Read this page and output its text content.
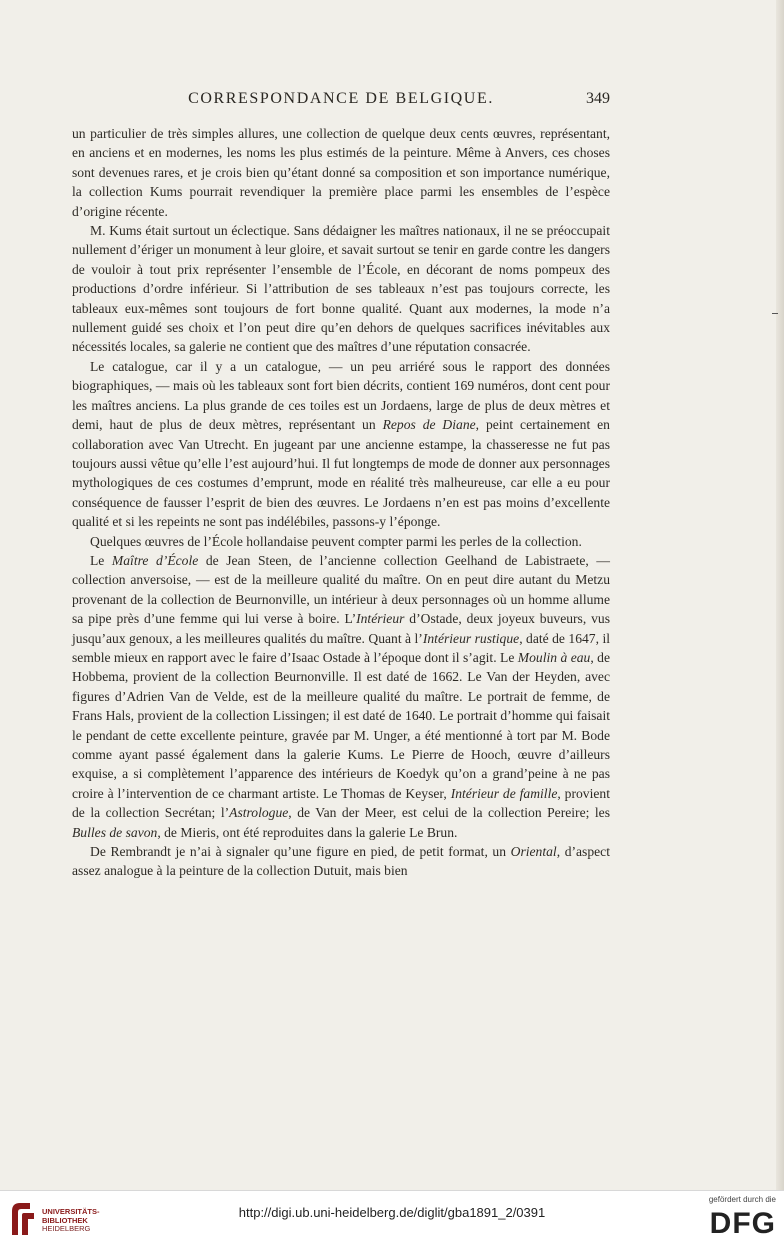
CORRESPONDANCE DE BELGIQUE.	349

un particulier de très simples allures, une collection de quelque deux cents œuvres, représentant, en anciens et en modernes, les noms les plus estimés de la peinture. Même à Anvers, ces choses sont devenues rares, et je crois bien qu’étant donné sa composition et son importance numérique, la collection Kums pourrait revendiquer la première place parmi les ensembles de l’espèce d’origine récente.

M. Kums était surtout un éclectique. Sans dédaigner les maîtres nationaux, il ne se préoccupait nullement d’ériger un monument à leur gloire, et savait surtout se tenir en garde contre les dangers de vouloir à tout prix représenter l’ensemble de l’École, en décorant de noms pompeux des productions d’ordre inférieur. Si l’attribution de ses tableaux n’est pas toujours correcte, les tableaux eux-mêmes sont toujours de fort bonne qualité. Quant aux modernes, la mode n’a nullement guidé ses choix et l’on peut dire qu’en dehors de quelques sacrifices inévitables aux nécessités locales, sa galerie ne contient que des maîtres d’une réputation consacrée.

Le catalogue, car il y a un catalogue, — un peu arriéré sous le rapport des données biographiques, — mais où les tableaux sont fort bien décrits, contient 169 numéros, dont cent pour les maîtres anciens. La plus grande de ces toiles est un Jordaens, large de plus de deux mètres et demi, haut de plus de deux mètres, représentant un Repos de Diane, peint certainement en collaboration avec Van Utrecht. En jugeant par une ancienne estampe, la chasseresse ne fut pas toujours aussi vêtue qu’elle l’est aujourd’hui. Il fut longtemps de mode de donner aux personnages mythologiques de ces costumes d’emprunt, mode en réalité très malheureuse, car elle a eu pour conséquence de fausser l’esprit de bien des œuvres. Le Jordaens n’en est pas moins d’excellente qualité et si les repeints ne sont pas indélébiles, passons-y l’éponge.

Quelques œuvres de l’École hollandaise peuvent compter parmi les perles de la collection.

Le Maître d’École de Jean Steen, de l’ancienne collection Geelhand de Labistraete, — collection anversoise, — est de la meilleure qualité du maître. On en peut dire autant du Metzu provenant de la collection de Beurnonville, un intérieur à deux personnages où un homme allume sa pipe près d’une femme qui lui verse à boire. L’Intérieur d’Ostade, deux joyeux buveurs, vus jusqu’aux genoux, a les meilleures qualités du maître. Quant à l’Intérieur rustique, daté de 1647, il semble mieux en rapport avec le faire d’Isaac Ostade à l’époque dont il s’agit. Le Moulin à eau, de Hobbema, provient de la collection Beurnonville. Il est daté de 1662. Le Van der Heyden, avec figures d’Adrien Van de Velde, est de la meilleure qualité du maître. Le portrait de femme, de Frans Hals, provient de la collection Lissingen; il est daté de 1640. Le portrait d’homme qui faisait le pendant de cette excellente peinture, gravée par M. Unger, a été mentionné à tort par M. Bode comme ayant passé également dans la galerie Kums. Le Pierre de Hooch, œuvre d’ailleurs exquise, a si complètement l’apparence des intérieurs de Koedyk qu’on a grand’peine à ne pas croire à l’intervention de ce charmant artiste. Le Thomas de Keyser, Intérieur de famille, provient de la collection Secrétan; l’Astrologue, de Van der Meer, est celui de la collection Pereire; les Bulles de savon, de Mieris, ont été reproduites dans la galerie Le Brun.

De Rembrandt je n’ai à signaler qu’une figure en pied, de petit format, un Oriental, d’aspect assez analogue à la peinture de la collection Dutuit, mais bien

UNIVERSITÄTS-
BIBLIOTHEK
HEIDELBERG
http://digi.ub.uni-heidelberg.de/diglit/gba1891_2/0391
gefördert durch die
DFG
